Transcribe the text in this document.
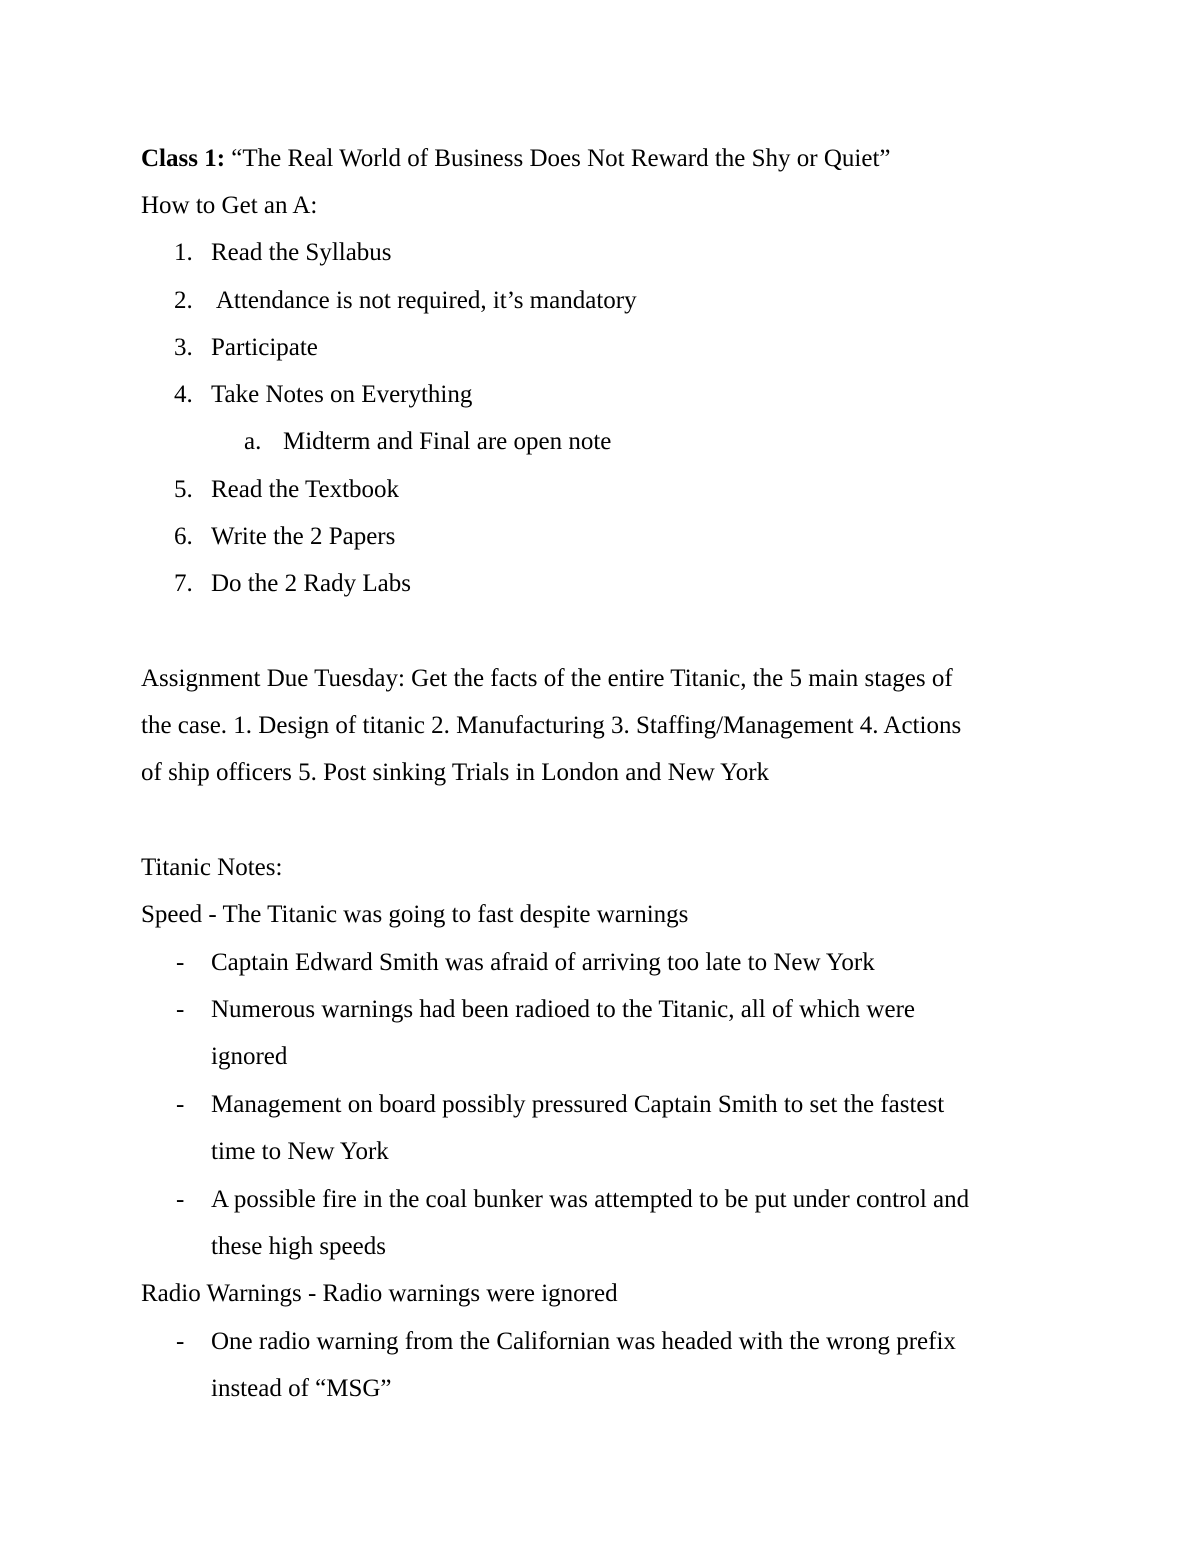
Class 1: “The Real World of Business Does Not Reward the Shy or Quiet”
How to Get an A:
1. Read the Syllabus
2. Attendance is not required, it’s mandatory
3. Participate
4. Take Notes on Everything
a. Midterm and Final are open note
5. Read the Textbook
6. Write the 2 Papers
7. Do the 2 Rady Labs
Assignment Due Tuesday: Get the facts of the entire Titanic, the 5 main stages of
the case. 1. Design of titanic 2. Manufacturing 3. Staffing/Management 4. Actions
of ship officers 5. Post sinking Trials in London and New York
Titanic Notes:
Speed - The Titanic was going to fast despite warnings
- Captain Edward Smith was afraid of arriving too late to New York
- Numerous warnings had been radioed to the Titanic, all of which were
ignored
- Management on board possibly pressured Captain Smith to set the fastest
time to New York
- A possible fire in the coal bunker was attempted to be put under control and
these high speeds
Radio Warnings - Radio warnings were ignored
- One radio warning from the Californian was headed with the wrong prefix
instead of “MSG”
